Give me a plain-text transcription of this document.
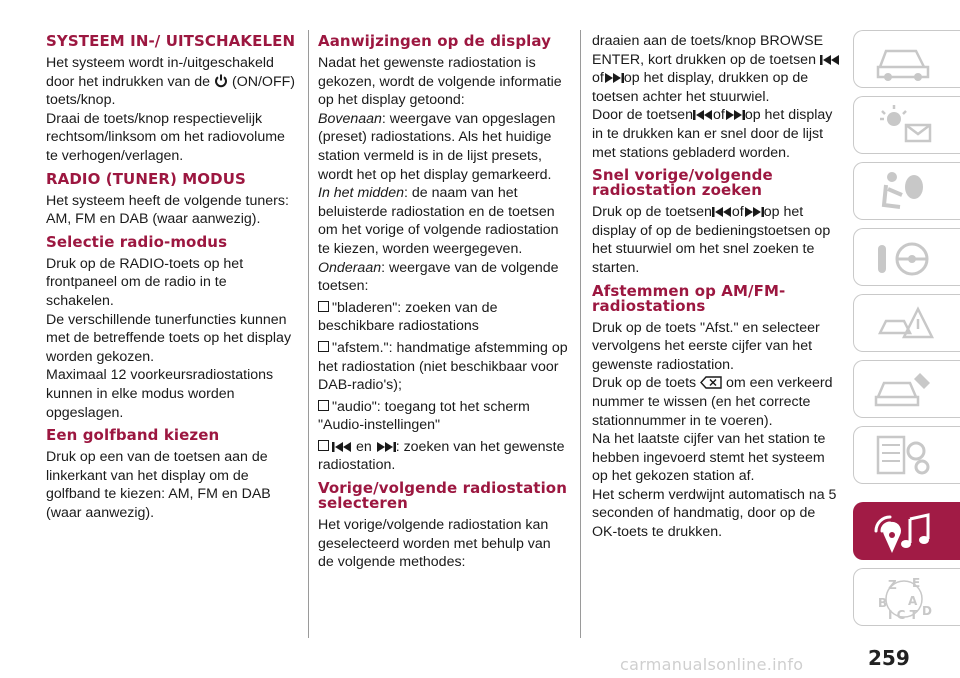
SYSTEEM IN-/ UITSCHAKELEN

Het systeem wordt in-/uitgeschakeld door het indrukken van de (ON/OFF) toets/knop.

Draai de toets/knop respectievelijk rechtsom/linksom om het radiovolume te verhogen/verlagen.

RADIO (TUNER) MODUS

Het systeem heeft de volgende tuners: AM, FM en DAB (waar aanwezig).

Selectie radio-modus

Druk op de RADIO-toets op het frontpaneel om de radio in te schakelen.

De verschillende tunerfuncties kunnen met de betreffende toets op het display worden gekozen.

Maximaal 12 voorkeursradiostations kunnen in elke modus worden opgeslagen.

Een golfband kiezen

Druk op een van de toetsen aan de linkerkant van het display om de golfband te kiezen: AM, FM en DAB (waar aanwezig).

Aanwijzingen op de display

Nadat het gewenste radiostation is gekozen, wordt de volgende informatie op het display getoond:

Bovenaan: weergave van opgeslagen (preset) radiostations. Als het huidige station vermeld is in de lijst presets, wordt het op het display gemarkeerd.

In het midden: de naam van het beluisterde radiostation en de toetsen om het vorige of volgende radiostation te kiezen, worden weergegeven.

Onderaan: weergave van de volgende toetsen:

"bladeren": zoeken van de beschikbare radiostations

"afstem.": handmatige afstemming op het radiostation (niet beschikbaar voor DAB-radio's);

"audio": toegang tot het scherm "Audio-instellingen"

en : zoeken van het gewenste radiostation.

Vorige/volgende radiostation selecteren

Het vorige/volgende radiostation kan geselecteerd worden met behulp van de volgende methodes:

draaien aan de toets/knop BROWSE ENTER, kort drukken op de toetsen of op het display, drukken op de toetsen achter het stuurwiel.

Door de toetsen of op het display in te drukken kan er snel door de lijst met stations gebladerd worden.

Snel vorige/volgende radiostation zoeken

Druk op de toetsen of op het display of op de bedieningstoetsen op het stuurwiel om het snel zoeken te starten.

Afstemmen op AM/FM-radiostations

Druk op de toets "Afst." en selecteer vervolgens het eerste cijfer van het gewenste radiostation.

Druk op de toets om een verkeerd nummer te wissen (en het correcte stationnummer in te voeren).

Na het laatste cijfer van het station te hebben ingevoerd stemt het systeem op het gekozen station af.

Het scherm verdwijnt automatisch na 5 seconden of handmatig, door op de OK-toets te drukken.

Z E
B A
I C T D
259
carmanualsonline.info
